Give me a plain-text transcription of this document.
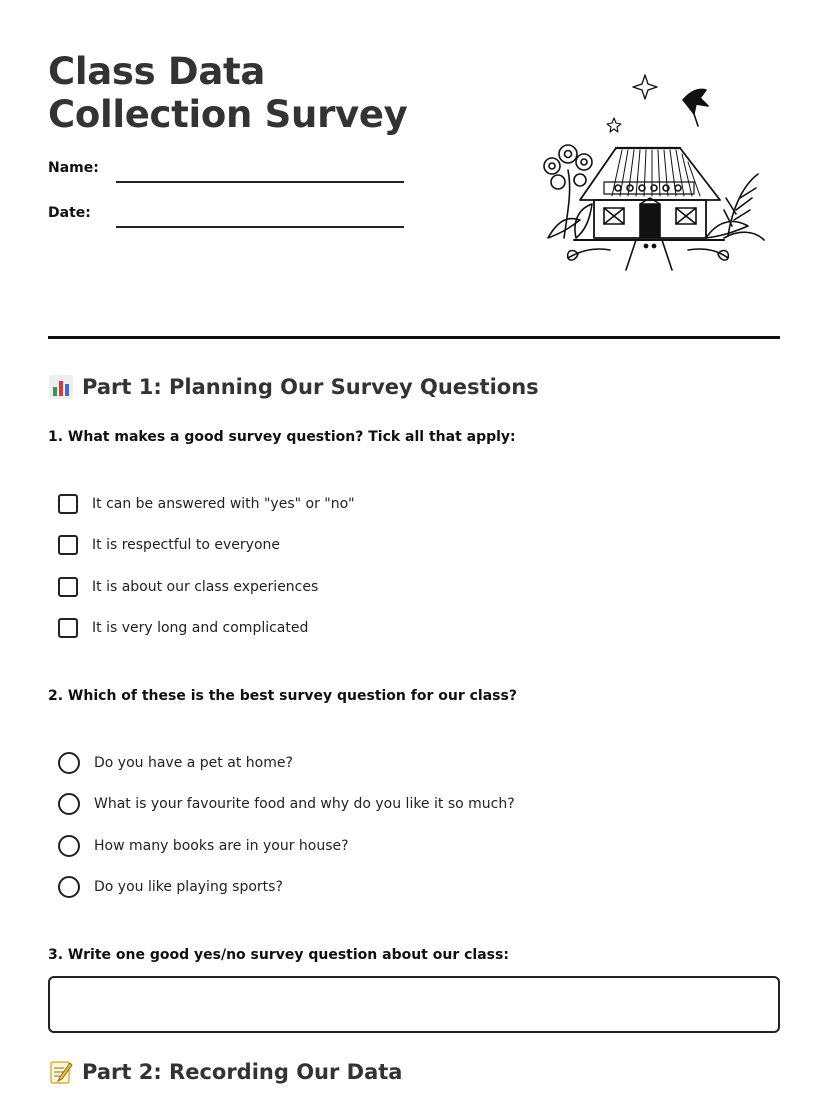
Class Data Collection Survey
Name:
Date:
Part 1: Planning Our Survey Questions

1. What makes a good survey question? Tick all that apply:

It can be answered with "yes" or "no"
It is respectful to everyone
It is about our class experiences
It is very long and complicated

2. Which of these is the best survey question for our class?

Do you have a pet at home?
What is your favourite food and why do you like it so much?
How many books are in your house?
Do you like playing sports?

3. Write one good yes/no survey question about our class:

Part 2: Recording Our Data
